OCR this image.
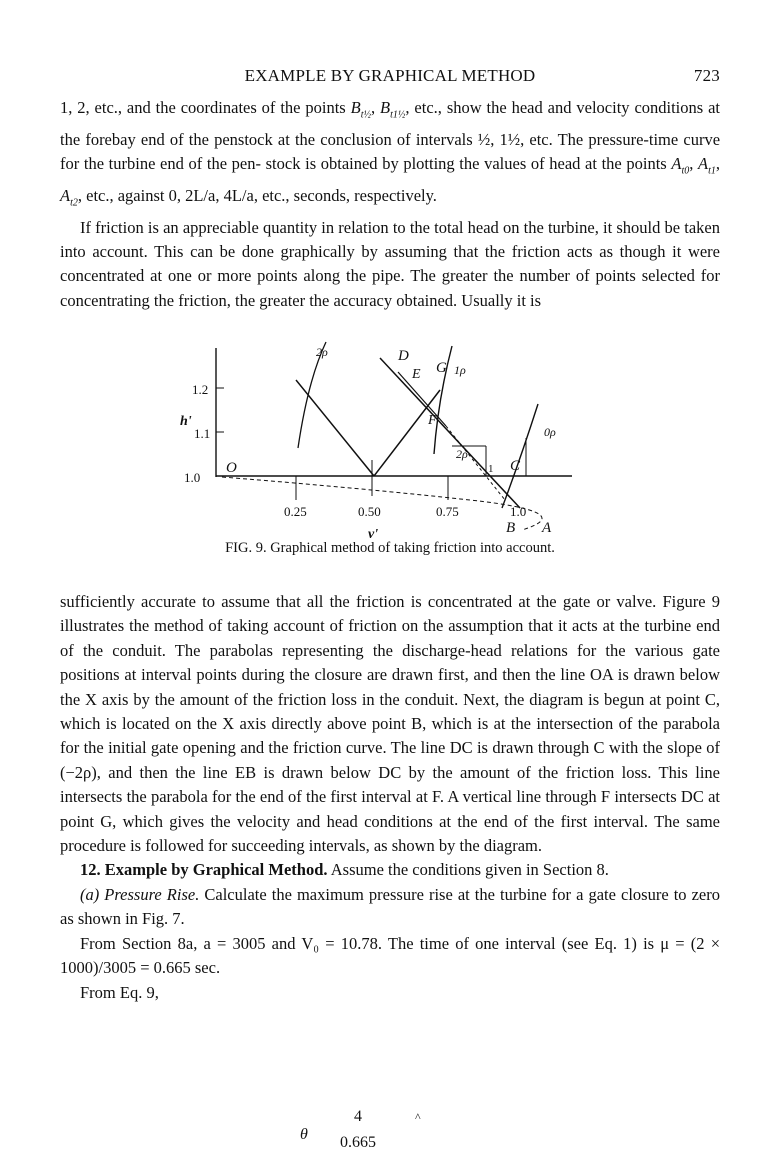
EXAMPLE BY GRAPHICAL METHOD	723

1, 2, etc., and the coordinates of the points $B_{t\frac{1}{2}}$, $B_{t1\frac{1}{2}}$, etc., show the head and velocity conditions at the forebay end of the penstock at the conclusion of intervals ½, 1½, etc. The pressure-time curve for the turbine end of the pen- stock is obtained by plotting the values of head at the points $A_{t0}$, $A_{t1}$, $A_{t2}$, etc., against 0, 2L/a, 4L/a, etc., seconds, respectively.

If friction is an appreciable quantity in relation to the total head on the turbine, it should be taken into account. This can be done graphically by assuming that the friction acts as though it were concentrated at one or more points along the pipe. The greater the number of points selected for concentrating the friction, the greater the accuracy obtained. Usually it is

1.2
h'
1.1
1.0
O
0.25	0.50	0.75	1.0
v'
2ρ	D
G 1ρ
E
F
2ρ
1 C
0ρ
B A
FIG. 9. Graphical method of taking friction into account.

sufficiently accurate to assume that all the friction is concentrated at the gate or valve. Figure 9 illustrates the method of taking account of friction on the assumption that it acts at the turbine end of the conduit. The parabolas representing the discharge-head relations for the various gate positions at interval points during the closure are drawn first, and then the line OA is drawn below the X axis by the amount of the friction loss in the conduit. Next, the diagram is begun at point C, which is located on the X axis directly above point B, which is at the intersection of the parabola for the initial gate opening and the friction curve. The line DC is drawn through C with the slope of (−2ρ), and then the line EB is drawn below DC by the amount of the friction loss. This line intersects the parabola for the end of the first interval at F. A vertical line through F intersects DC at point G, which gives the velocity and head conditions at the end of the first interval. The same procedure is followed for succeeding intervals, as shown by the diagram.

12. Example by Graphical Method. Assume the conditions given in Section 8.

(a) Pressure Rise. Calculate the maximum pressure rise at the turbine for a gate closure to zero as shown in Fig. 7.

From Section 8a, a = 3005 and V₀ = 10.78. The time of one interval (see Eq. 1) is μ = (2 × 1000)/3005 = 0.665 sec.

From Eq. 9,

θ
4
0.665
^
